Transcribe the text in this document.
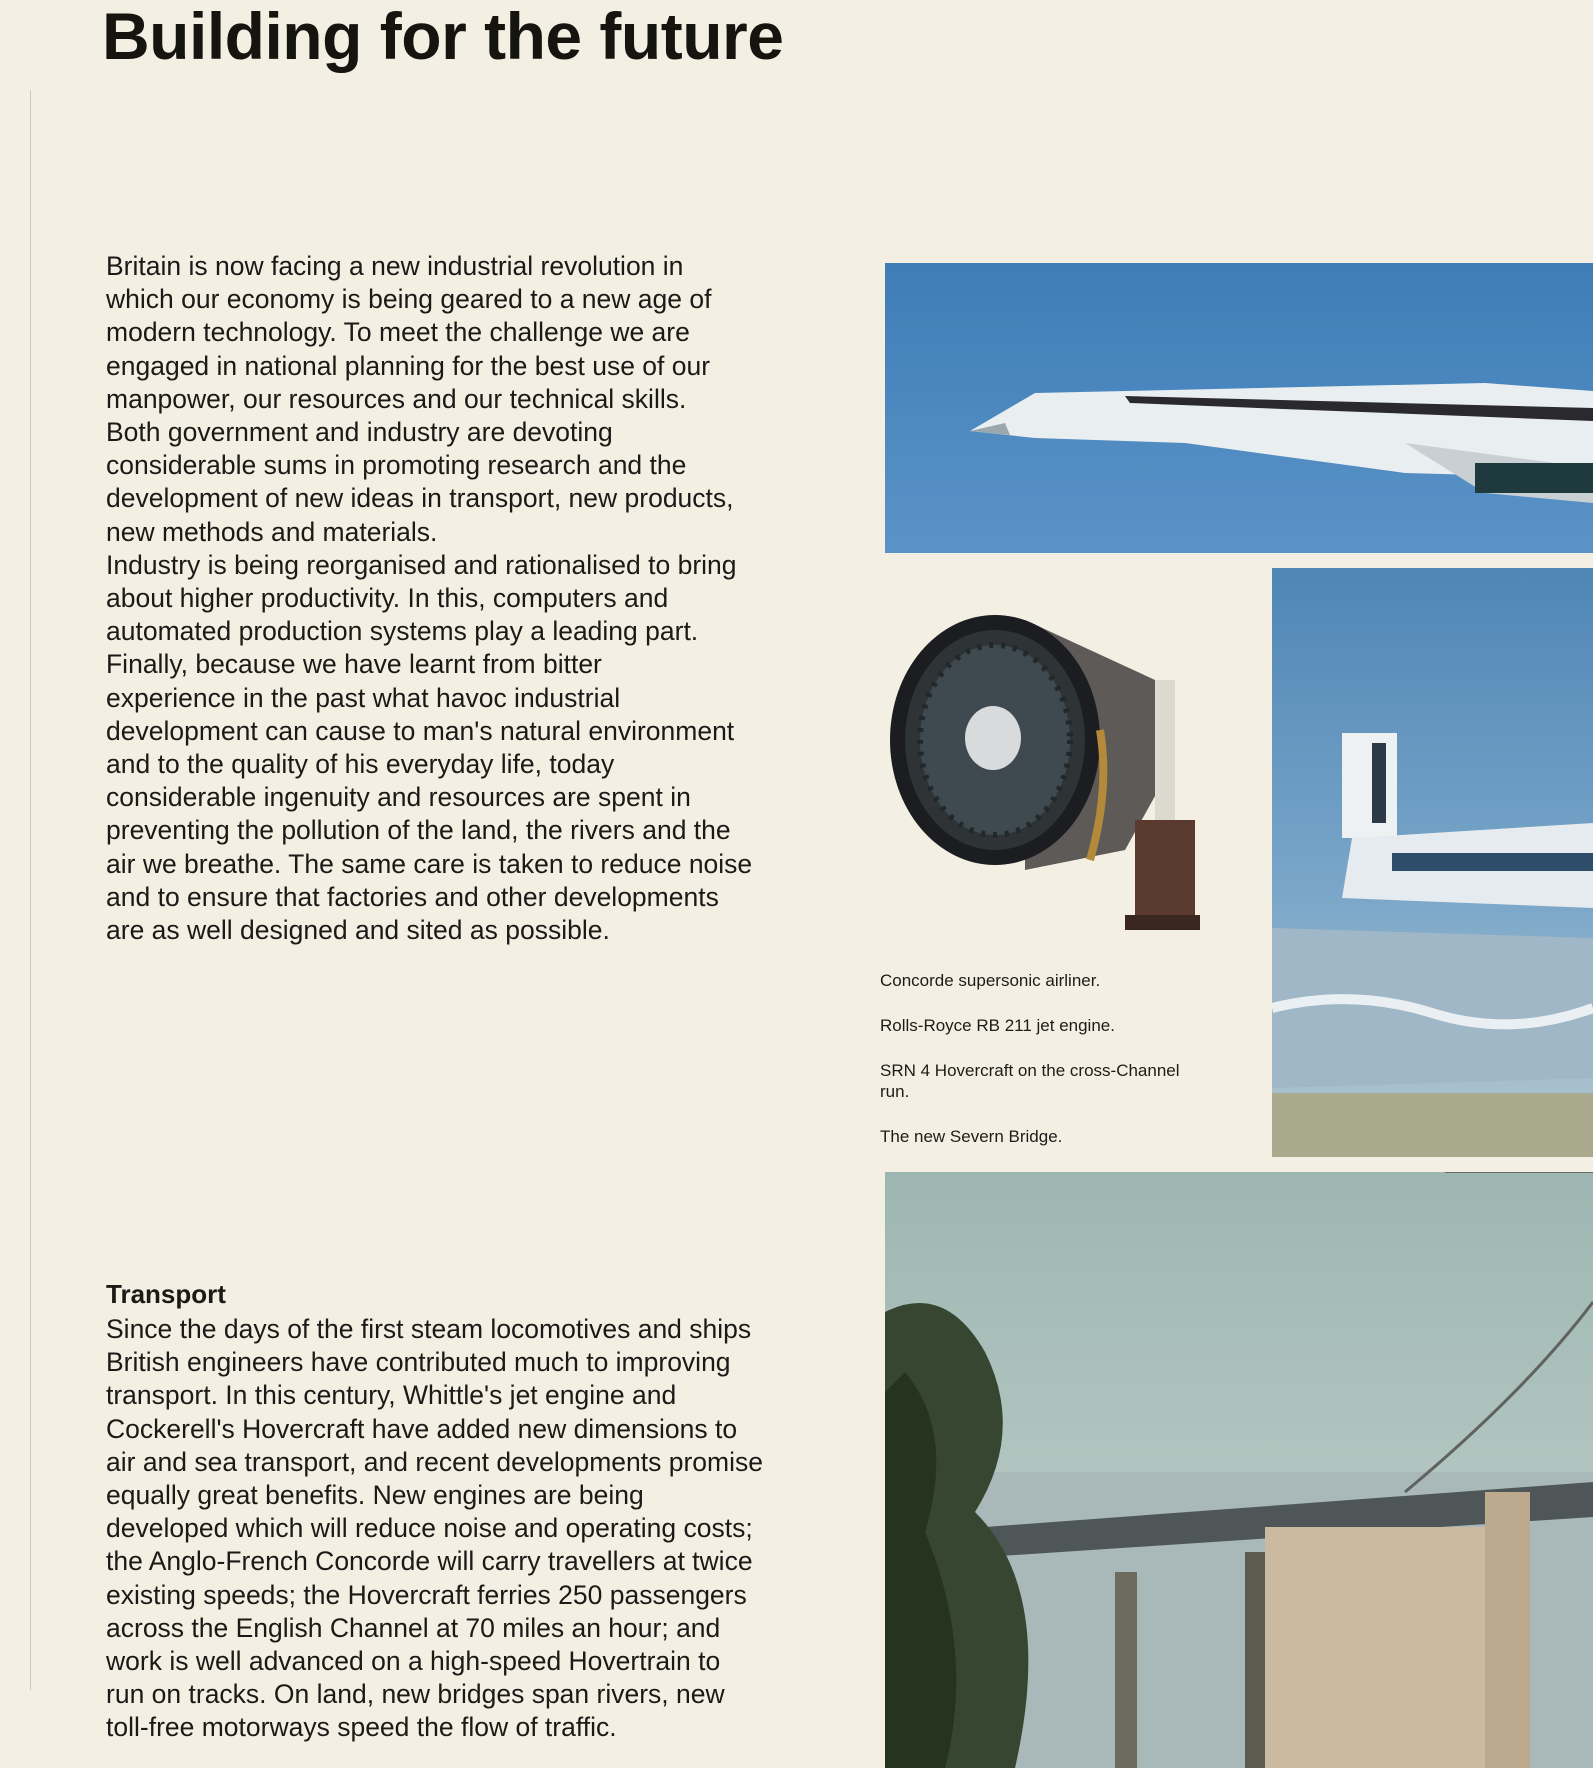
Building for the future
Britain is now facing a new industrial revolution in
which our economy is being geared to a new age of
modern technology. To meet the challenge we are
engaged in national planning for the best use of our
manpower, our resources and our technical skills.
Both government and industry are devoting
considerable sums in promoting research and the
development of new ideas in transport, new products,
new methods and materials.
Industry is being reorganised and rationalised to bring
about higher productivity. In this, computers and
automated production systems play a leading part.
Finally, because we have learnt from bitter
experience in the past what havoc industrial
development can cause to man's natural environment
and to the quality of his everyday life, today
considerable ingenuity and resources are spent in
preventing the pollution of the land, the rivers and the
air we breathe. The same care is taken to reduce noise
and to ensure that factories and other developments
are as well designed and sited as possible.
Transport
Since the days of the first steam locomotives and ships
British engineers have contributed much to improving
transport. In this century, Whittle's jet engine and
Cockerell's Hovercraft have added new dimensions to
air and sea transport, and recent developments promise
equally great benefits. New engines are being
developed which will reduce noise and operating costs;
the Anglo-French Concorde will carry travellers at twice
existing speeds; the Hovercraft ferries 250 passengers
across the English Channel at 70 miles an hour; and
work is well advanced on a high-speed Hovertrain to
run on tracks. On land, new bridges span rivers, new
toll-free motorways speed the flow of traffic.

Concorde supersonic airliner.

Rolls-Royce RB 211 jet engine.

SRN 4 Hovercraft on the cross-Channel run.

The new Severn Bridge.
